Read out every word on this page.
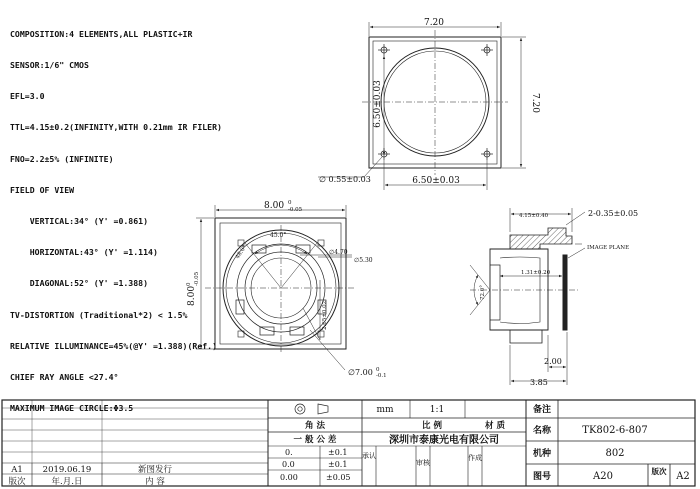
COMPOSITION:4 ELEMENTS,ALL PLASTIC+IR

SENSOR:1/6" CMOS

EFL=3.0

TTL=4.15±0.2(INFINITY,WITH 0.21mm IR FILER)

FNO=2.2±5% (INFINITE)

FIELD OF VIEW

VERTICAL:34° (Y' =0.861)

HORIZONTAL:43° (Y' =1.114)

DIAGONAL:52° (Y' =1.388)

TV-DISTORTION (Traditional*2) < 1.5%

RELATIVE ILLUMINANCE=45%(@Y' =1.388)(Ref.)

CHIEF RAY ANGLE <27.4°

MAXIMUM IMAGE CIRCLE:Φ3.5

7.20
7.20
6.50±0.03
6.50±0.03
∅ 0.55±0.03
8.00 0
-0.05
8.00
0 -0.05
45.0°
48.0°	∅4.70
∅5.30
2.65±0.02
∅7.00 0
-0.1
4.15±0.40	2-0.35±0.05
IMAGE PLANE
72.0°
1.31±0.20
2.00
3.85
mm	1:1
角 法	比 例	材 质
一 般 公 差
0.	±0.1
0.0	±0.1
0.00	±0.05
深圳市泰康光电有限公司
承认
审核
作成
备注
名称	TK802-6-807
机种	802
图号	A20	版次 A2
A1 2019.06.19	新图发行
版次	年.月.日	内 容
